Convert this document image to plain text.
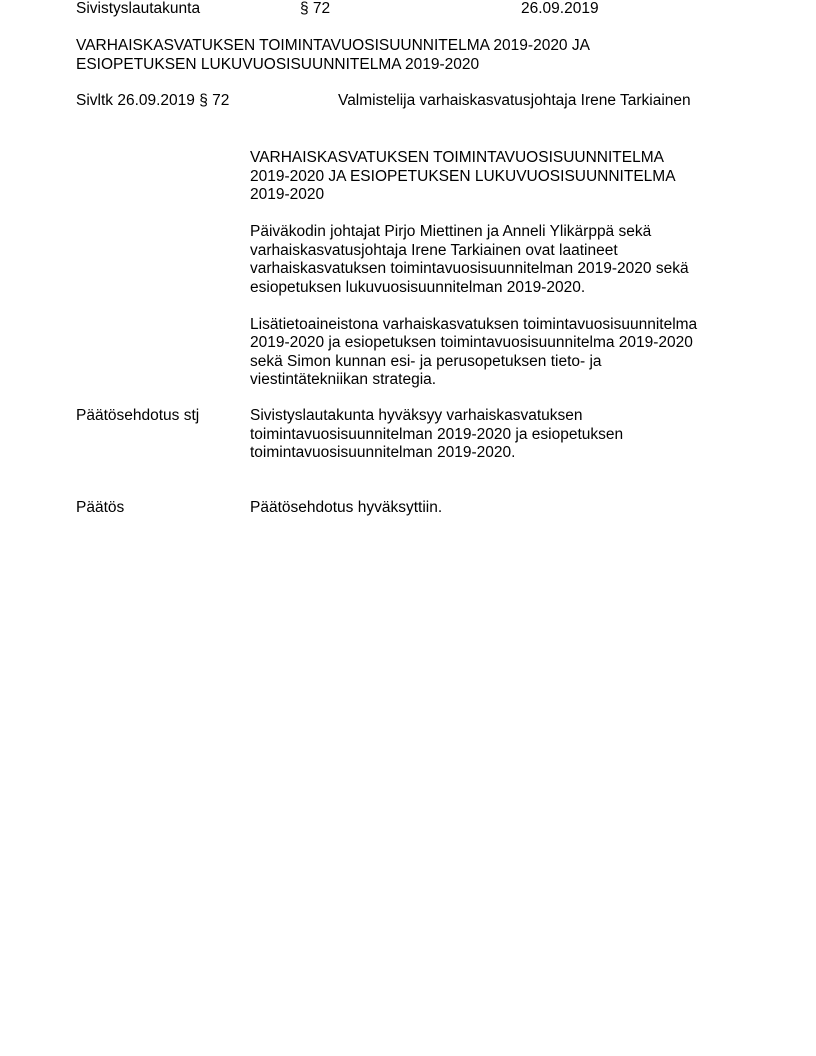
Sivistyslautakunta	§ 72	26.09.2019
VARHAISKASVATUKSEN TOIMINTAVUOSISUUNNITELMA 2019-2020 JA
ESIOPETUKSEN LUKUVUOSISUUNNITELMA 2019-2020
Sivltk 26.09.2019 § 72	Valmistelija varhaiskasvatusjohtaja Irene Tarkiainen
VARHAISKASVATUKSEN TOIMINTAVUOSISUUNNITELMA
2019-2020 JA ESIOPETUKSEN LUKUVUOSISUUNNITELMA
2019-2020
Päiväkodin johtajat Pirjo Miettinen ja Anneli Ylikärppä sekä
varhaiskasvatusjohtaja Irene Tarkiainen ovat laatineet
varhaiskasvatuksen toimintavuosisuunnitelman 2019-2020 sekä
esiopetuksen lukuvuosisuunnitelman 2019-2020.
Lisätietoaineistona varhaiskasvatuksen toimintavuosisuunnitelma
2019-2020 ja esiopetuksen toimintavuosisuunnitelma 2019-2020
sekä Simon kunnan esi- ja perusopetuksen tieto- ja
viestintätekniikan strategia.
Päätösehdotus stj	Sivistyslautakunta hyväksyy varhaiskasvatuksen
toimintavuosisuunnitelman 2019-2020 ja esiopetuksen
toimintavuosisuunnitelman 2019-2020.
Päätös	Päätösehdotus hyväksyttiin.
